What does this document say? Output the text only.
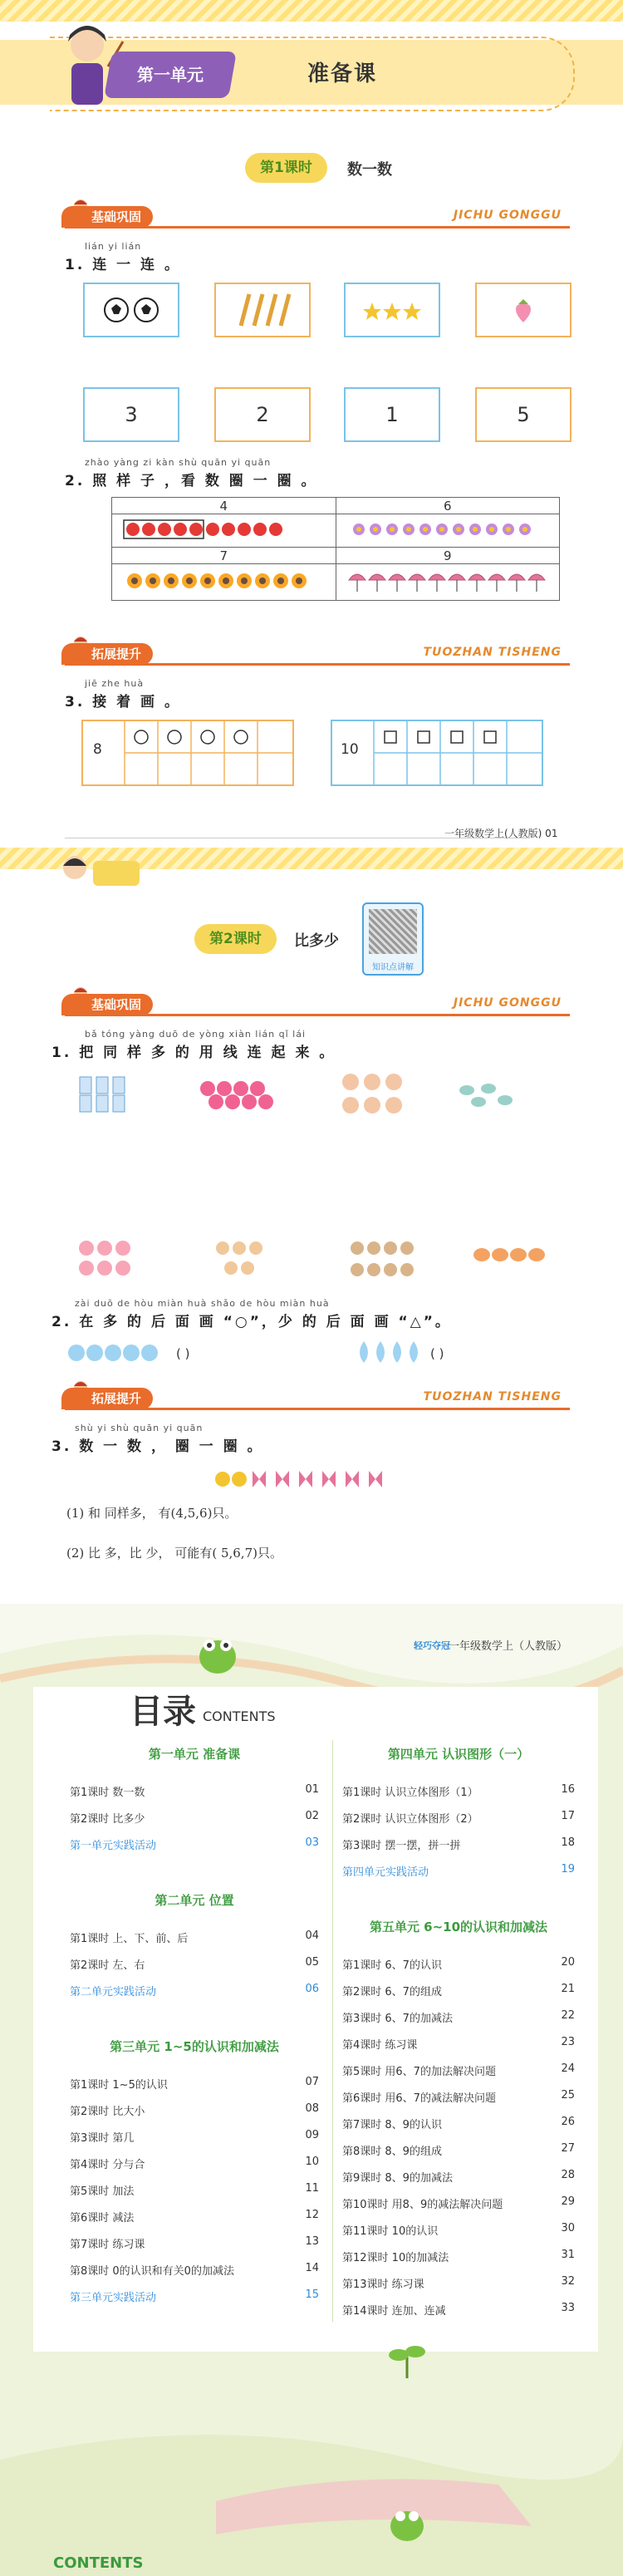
第一单元	准备课
第1课时	数一数
基础巩固	JICHU GONGGU
lián yi lián
1. 连 一 连 。
3	2	1	5
zhào yàng zi kàn shù quān yi quān
2. 照 样 子 ，看 数 圈 一 圈 。
4	6

7	9

拓展提升	TUOZHAN TISHENG
jiē zhe huà
3. 接 着 画 。
8	10
一年级数学上(人教版) 01
第2课时	比多少
知识点讲解
基础巩固	JICHU GONGGU
bǎ tóng yàng duō de yòng xiàn lián qǐ lái
1. 把 同 样 多 的 用 线 连 起 来 。
zài duō de hòu miàn huà shǎo de hòu miàn huà
2. 在 多 的 后 面 画 “○”，少 的 后 面 画 “△”。
( )	( )
拓展提升	TUOZHAN TISHENG
shù yi shù quān yi quān
3. 数 一 数 ， 圈 一 圈 。
(1) 和 同样多， 有(4,5,6)只。
(2) 比 多，比 少， 可能有( 5,6,7)只。
轻巧夺冠
一年级数学上（人教版）
目录 CONTENTS
第一单元 准备课
第1课时 数一数	01
第2课时 比多少	02
第一单元实践活动	03
第二单元 位置
第1课时 上、下、前、后	04
第2课时 左、右	05
第二单元实践活动	06
第三单元 1~5的认识和加减法
第1课时 1~5的认识	07
第2课时 比大小	08
第3课时 第几	09
第4课时 分与合	10
第5课时 加法	11
第6课时 减法	12
第7课时 练习课	13
第8课时 0的认识和有关0的加减法	14
第三单元实践活动	15
第四单元 认识图形（一）
第1课时 认识立体图形（1）	16
第2课时 认识立体图形（2）	17
第3课时 摆一摆，拼一拼	18
第四单元实践活动	19
第五单元 6~10的认识和加减法
第1课时 6、7的认识	20
第2课时 6、7的组成	21
第3课时 6、7的加减法	22
第4课时 练习课	23
第5课时 用6、7的加法解决问题	24
第6课时 用6、7的减法解决问题	25
第7课时 8、9的认识	26
第8课时 8、9的组成	27
第9课时 8、9的加减法	28
第10课时 用8、9的减法解决问题	29
第11课时 10的认识	30
第12课时 10的加减法	31
第13课时 练习课	32
第14课时 连加、连减	33
CONTENTS
